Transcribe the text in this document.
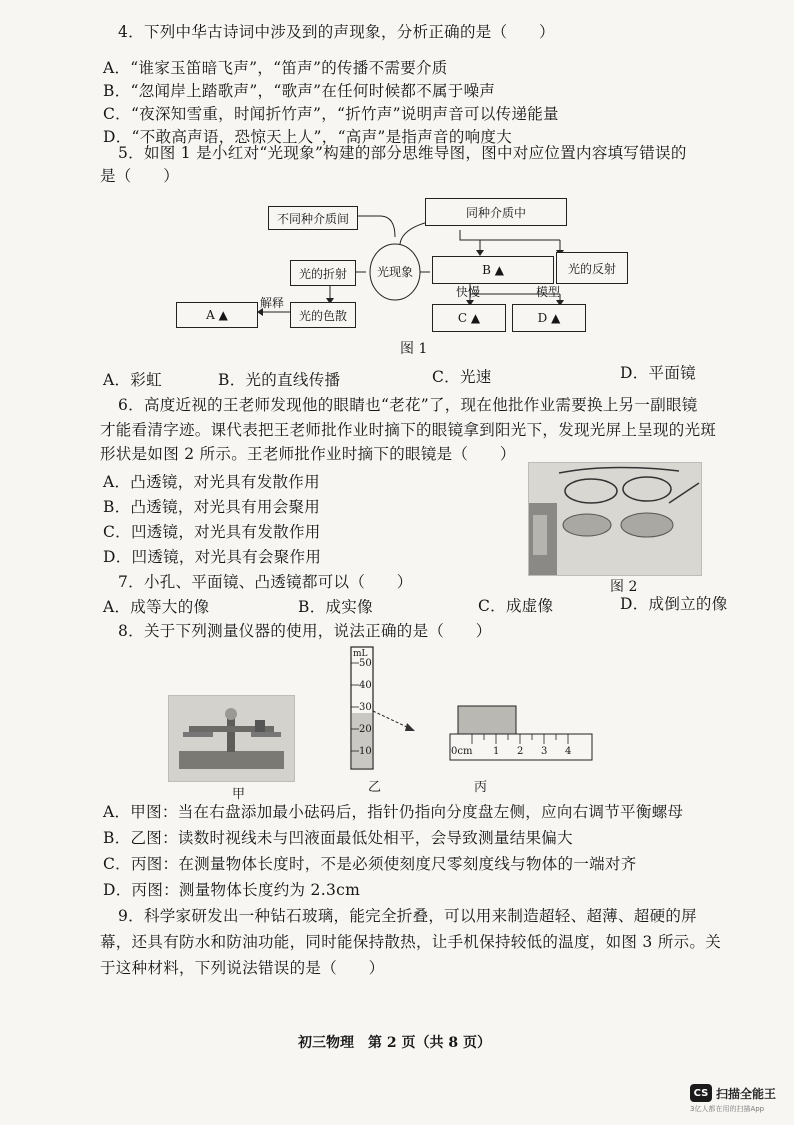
4．下列中华古诗词中涉及到的声现象，分析正确的是（　　）
A．“谁家玉笛暗飞声”，“笛声”的传播不需要介质
B．“忽闻岸上踏歌声”，“歌声”在任何时候都不属于噪声
C．“夜深知雪重，时闻折竹声”，“折竹声”说明声音可以传递能量
D．“不敢高声语，恐惊天上人”，“高声”是指声音的响度大
5．如图 1 是小红对“光现象”构建的部分思维导图，图中对应位置内容填写错误的
是（　　）
不同种介质间	同种介质中
光的折射	光现象	B ▲	光的反射
解释
A ▲	光的色散
快慢	模型
C ▲	D ▲
图 1
A．彩虹	B．光的直线传播	C．光速	D．平面镜
6．高度近视的王老师发现他的眼睛也“老花”了，现在他批作业需要换上另一副眼镜
才能看清字迹。课代表把王老师批作业时摘下的眼镜拿到阳光下，发现光屏上呈现的光斑
形状是如图 2 所示。王老师批作业时摘下的眼镜是（　　）
A．凸透镜，对光具有发散作用
B．凸透镜，对光具有用会聚用
C．凹透镜，对光具有发散作用
D．凹透镜，对光具有会聚作用
图 2
7．小孔、平面镜、凸透镜都可以（　　）
A．成等大的像	B．成实像	C．成虚像	D．成倒立的像
8．关于下列测量仪器的使用，说法正确的是（　　）
mL
50
40
30
20
10	0cm 1 2 3 4
甲	乙	丙
A．甲图：当在右盘添加最小砝码后，指针仍指向分度盘左侧，应向右调节平衡螺母
B．乙图：读数时视线未与凹液面最低处相平，会导致测量结果偏大
C．丙图：在测量物体长度时，不是必须使刻度尺零刻度线与物体的一端对齐
D．丙图：测量物体长度约为 2.3cm
9．科学家研发出一种钻石玻璃，能完全折叠，可以用来制造超轻、超薄、超硬的屏
幕，还具有防水和防油功能，同时能保持散热，让手机保持较低的温度，如图 3 所示。关
于这种材料，下列说法错误的是（　　）
初三物理　第 2 页（共 8 页）
CS 扫描全能王
3亿人都在用的扫描App
